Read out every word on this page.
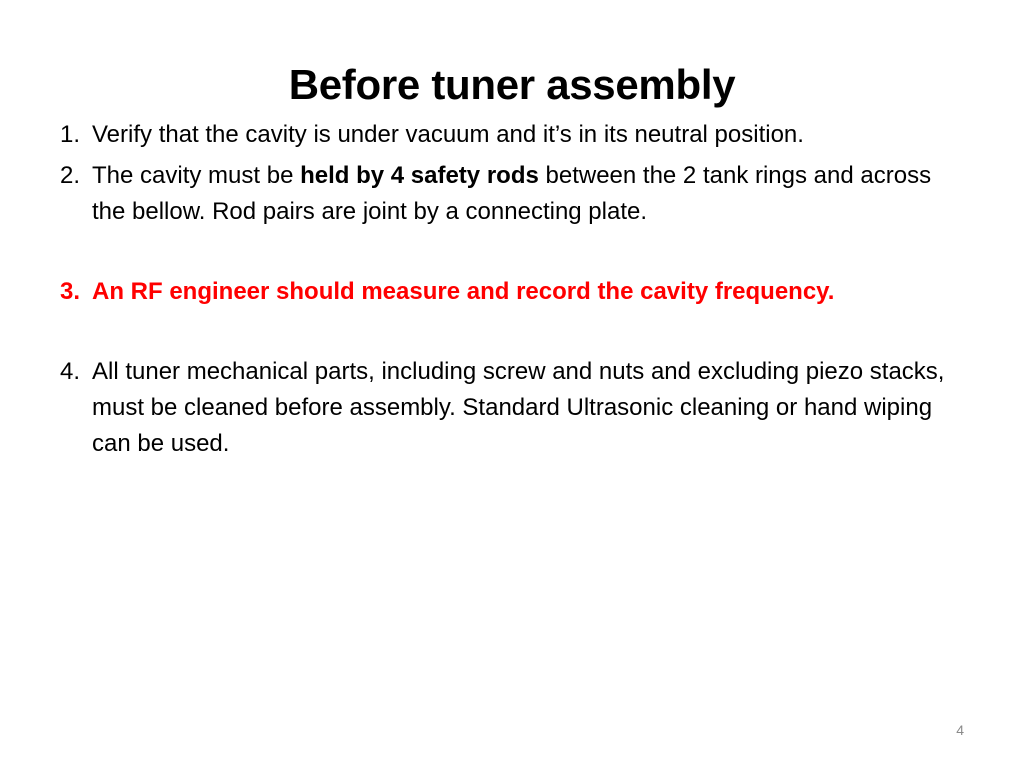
Before tuner assembly
1. Verify that the cavity is under vacuum and it’s in its neutral position.
2. The cavity must be held by 4 safety rods between the 2 tank rings and across the bellow. Rod pairs are joint by a connecting plate.
3. An RF engineer should measure and record the cavity frequency.
4. All tuner mechanical parts, including screw and nuts and excluding piezo stacks, must be cleaned before assembly. Standard Ultrasonic cleaning or hand wiping can be used.
4
